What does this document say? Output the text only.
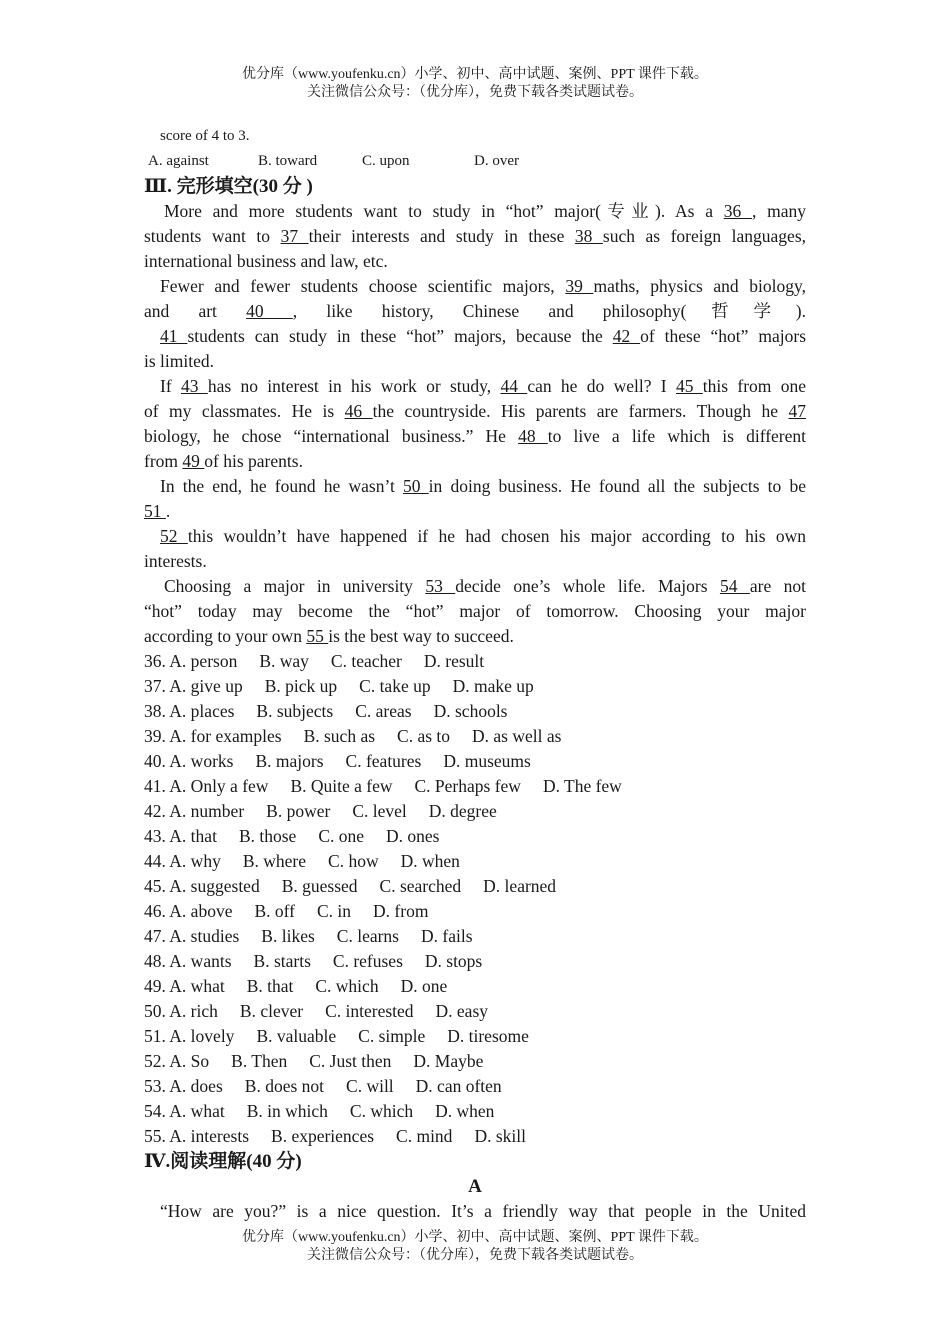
优分库（www.youfenku.cn）小学、初中、高中试题、案例、PPT 课件下载。
关注微信公众号：（优分库），免费下载各类试题试卷。
score of 4 to 3.
A. against	B. toward	C. upon	D. over
Ⅲ. 完形填空(30 分 )
More and more students want to study in “hot” major(专业). As a 36 , many
students want to 37 their interests and study in these 38 such as foreign languages,
international business and law, etc.
Fewer and fewer students choose scientific majors, 39 maths, physics and biology,
and art 40 , like history, Chinese and philosophy(哲学).
41 students can study in these “hot” majors, because the 42 of these “hot” majors
is limited.
If 43 has no interest in his work or study, 44 can he do well? I 45 this from one
of my classmates. He is 46 the countryside. His parents are farmers. Though he 47
biology, he chose “international business.” He 48 to live a life which is different
from 49 of his parents.
In the end, he found he wasn’t 50 in doing business. He found all the subjects to be
51 .
52 this wouldn’t have happened if he had chosen his major according to his own
interests.
Choosing a major in university 53 decide one’s whole life. Majors 54 are not
“hot” today may become the “hot” major of tomorrow. Choosing your major
according to your own 55 is the best way to succeed.
36. A. person B. way C. teacher D. result
37. A. give up B. pick up C. take up D. make up
38. A. places B. subjects C. areas D. schools
39. A. for examples B. such as C. as to D. as well as
40. A. works B. majors C. features D. museums
41. A. Only a few B. Quite a few C. Perhaps few D. The few
42. A. number B. power C. level D. degree
43. A. that B. those C. one D. ones
44. A. why B. where C. how D. when
45. A. suggested B. guessed C. searched D. learned
46. A. above B. off C. in D. from
47. A. studies B. likes C. learns D. fails
48. A. wants B. starts C. refuses D. stops
49. A. what B. that C. which D. one
50. A. rich B. clever C. interested D. easy
51. A. lovely B. valuable C. simple D. tiresome
52. A. So B. Then C. Just then D. Maybe
53. A. does B. does not C. will D. can often
54. A. what B. in which C. which D. when
55. A. interests B. experiences C. mind D. skill
Ⅳ.阅读理解(40 分)
A
“How are you?” is a nice question. It’s a friendly way that people in the United
优分库（www.youfenku.cn）小学、初中、高中试题、案例、PPT 课件下载。
关注微信公众号：（优分库），免费下载各类试题试卷。
